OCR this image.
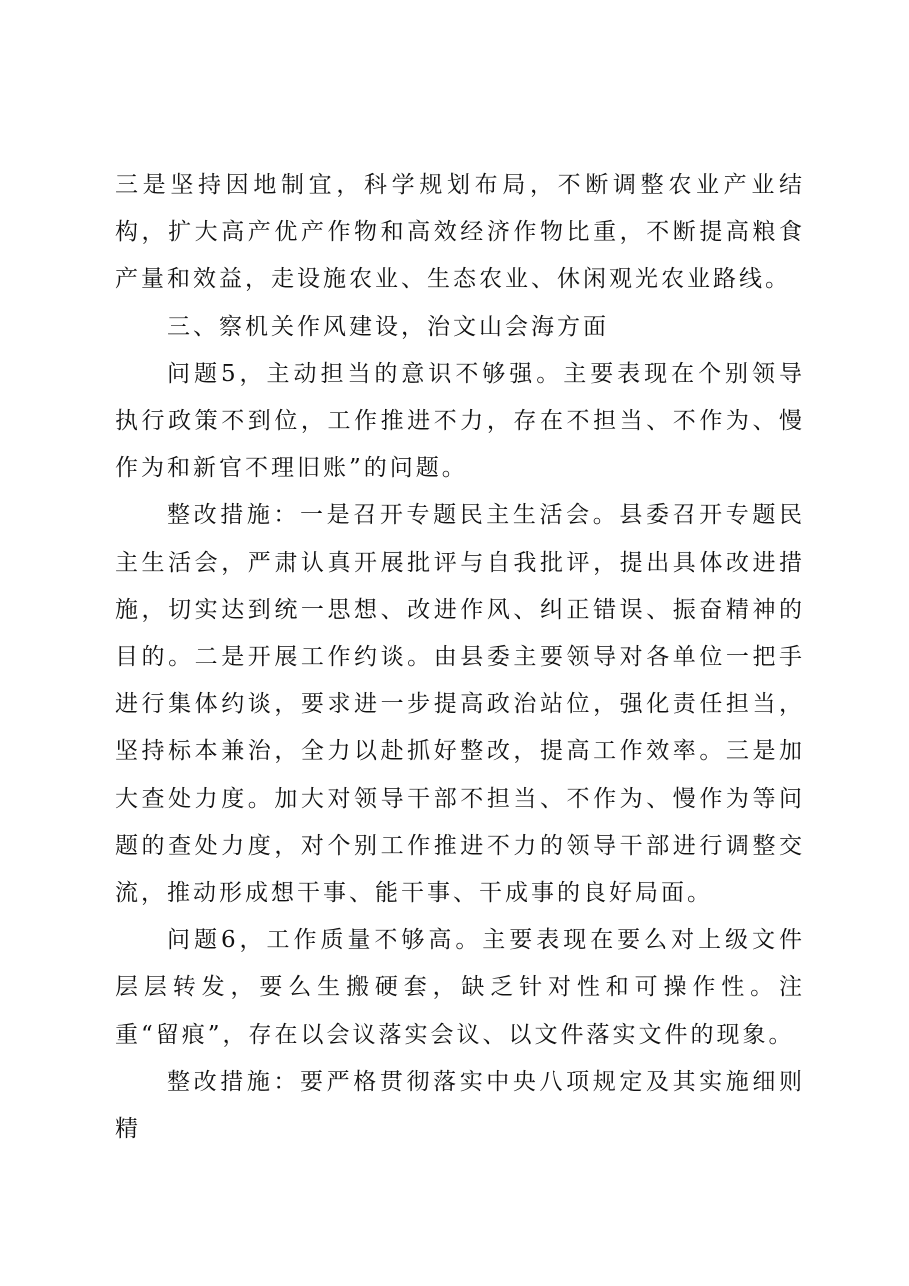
三是坚持因地制宜，科学规划布局，不断调整农业产业结构，扩大高产优产作物和高效经济作物比重，不断提高粮食产量和效益，走设施农业、生态农业、休闲观光农业路线。

三、察机关作风建设，治文山会海方面

问题5，主动担当的意识不够强。主要表现在个别领导执行政策不到位，工作推进不力，存在不担当、不作为、慢作为和新官不理旧账”的问题。

整改措施：一是召开专题民主生活会。县委召开专题民主生活会，严肃认真开展批评与自我批评，提出具体改进措施，切实达到统一思想、改进作风、纠正错误、振奋精神的目的。二是开展工作约谈。由县委主要领导对各单位一把手进行集体约谈，要求进一步提高政治站位，强化责任担当，坚持标本兼治，全力以赴抓好整改，提高工作效率。三是加大查处力度。加大对领导干部不担当、不作为、慢作为等问题的查处力度，对个别工作推进不力的领导干部进行调整交流，推动形成想干事、能干事、干成事的良好局面。

问题6，工作质量不够高。主要表现在要么对上级文件层层转发，要么生搬硬套，缺乏针对性和可操作性。注重“留痕”，存在以会议落实会议、以文件落实文件的现象。

整改措施：要严格贯彻落实中央八项规定及其实施细则精
